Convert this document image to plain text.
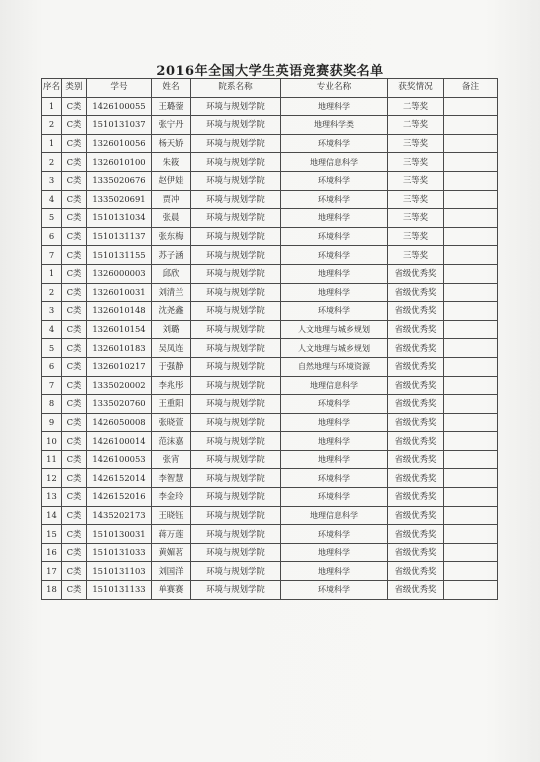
2016年全国大学生英语竞赛获奖名单
序名	类别	学号	姓名	院系名称	专业名称	获奖情况	备注
1	C类	1426100055	王璐蓥	环境与规划学院	地理科学	二等奖	
2	C类	1510131037	张宁丹	环境与规划学院	地理科学类	二等奖	
1	C类	1326010056	杨天娇	环境与规划学院	环境科学	三等奖	
2	C类	1326010100	朱筱	环境与规划学院	地理信息科学	三等奖	
3	C类	1335020676	赵伊娃	环境与规划学院	环境科学	三等奖	
4	C类	1335020691	贾冲	环境与规划学院	环境科学	三等奖	
5	C类	1510131034	张晨	环境与规划学院	地理科学	三等奖	
6	C类	1510131137	张东梅	环境与规划学院	环境科学	三等奖	
7	C类	1510131155	苏子涵	环境与规划学院	环境科学	三等奖	
1	C类	1326000003	邱欣	环境与规划学院	地理科学	省级优秀奖	
2	C类	1326010031	刘清兰	环境与规划学院	地理科学	省级优秀奖	
3	C类	1326010148	沈尧鑫	环境与规划学院	环境科学	省级优秀奖	
4	C类	1326010154	刘璐	环境与规划学院	人文地理与城乡规划	省级优秀奖	
5	C类	1326010183	吴凤连	环境与规划学院	人文地理与城乡规划	省级优秀奖	
6	C类	1326010217	于强静	环境与规划学院	自然地理与环境资源	省级优秀奖	
7	C类	1335020002	李兆彤	环境与规划学院	地理信息科学	省级优秀奖	
8	C类	1335020760	王重阳	环境与规划学院	环境科学	省级优秀奖	
9	C类	1426050008	张晓萱	环境与规划学院	地理科学	省级优秀奖	
10	C类	1426100014	范沫嘉	环境与规划学院	地理科学	省级优秀奖	
11	C类	1426100053	张宵	环境与规划学院	地理科学	省级优秀奖	
12	C类	1426152014	李智慧	环境与规划学院	环境科学	省级优秀奖	
13	C类	1426152016	李金玲	环境与规划学院	环境科学	省级优秀奖	
14	C类	1435202173	王晓钰	环境与规划学院	地理信息科学	省级优秀奖	
15	C类	1510130031	蒋万莲	环境与规划学院	环境科学	省级优秀奖	
16	C类	1510131033	黄媚茗	环境与规划学院	地理科学	省级优秀奖	
17	C类	1510131103	刘国洋	环境与规划学院	地理科学	省级优秀奖	
18	C类	1510131133	单赛赛	环境与规划学院	环境科学	省级优秀奖	
